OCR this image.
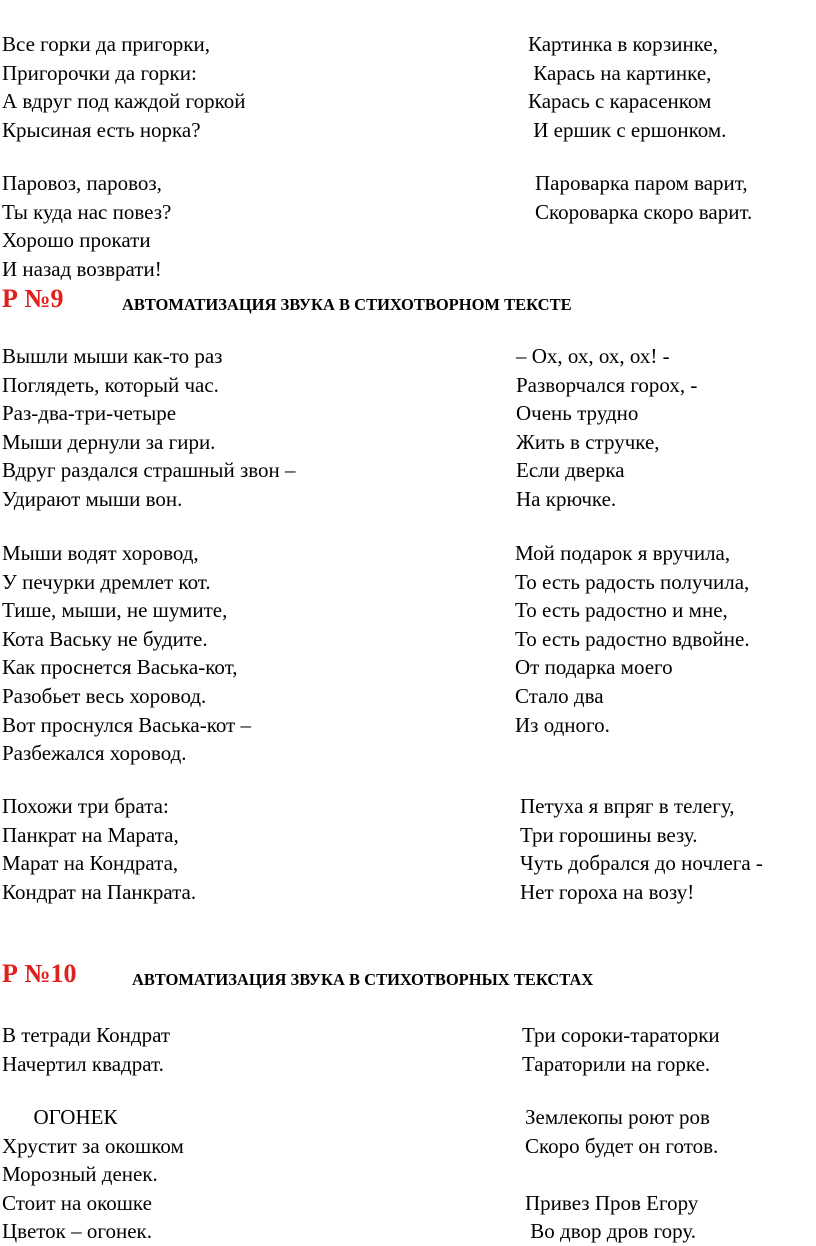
Все горки да пригорки,
Пригорочки да горки:
А вдруг под каждой горкой
Крысиная есть норка?
Картинка в корзинке,
Карась на картинке,
Карась с карасенком
И ершик с ершонком.
Паровоз, паровоз,
Ты куда нас повез?
Хорошо прокати
И назад возврати!
Пароварка паром варит,
Скороварка скоро варит.
Р №9	АВТОМАТИЗАЦИЯ ЗВУКА В СТИХОТВОРНОМ ТЕКСТЕ
Вышли мыши как-то раз
Поглядеть, который час.
Раз-два-три-четыре
Мыши дернули за гири.
Вдруг раздался страшный звон –
Удирают мыши вон.
– Ох, ох, ох, ох! -
Разворчался горох, -
Очень трудно
Жить в стручке,
Если дверка
На крючке.
Мыши водят хоровод,
У печурки дремлет кот.
Тише, мыши, не шумите,
Кота Ваську не будите.
Как проснется Васька-кот,
Разобьет весь хоровод.
Вот проснулся Васька-кот –
Разбежался хоровод.
Мой подарок я вручила,
То есть радость получила,
То есть радостно и мне,
То есть радостно вдвойне.
От подарка моего
Стало два
Из одного.
Похожи три брата:
Панкрат на Марата,
Марат на Кондрата,
Кондрат на Панкрата.
Петуха я впряг в телегу,
Три горошины везу.
Чуть добрался до ночлега -
Нет гороха на возу!
Р №10	АВТОМАТИЗАЦИЯ ЗВУКА В СТИХОТВОРНЫХ ТЕКСТАХ
В тетради Кондрат
Начертил квадрат.
Три сороки-тараторки
Тараторили на горке.
ОГОНЕК
Хрустит за окошком
Морозный денек.
Стоит на окошке
Цветок – огонек.
Землекопы роют ров
Скоро будет он готов.
Привез Пров Егору
Во двор дров гору.
